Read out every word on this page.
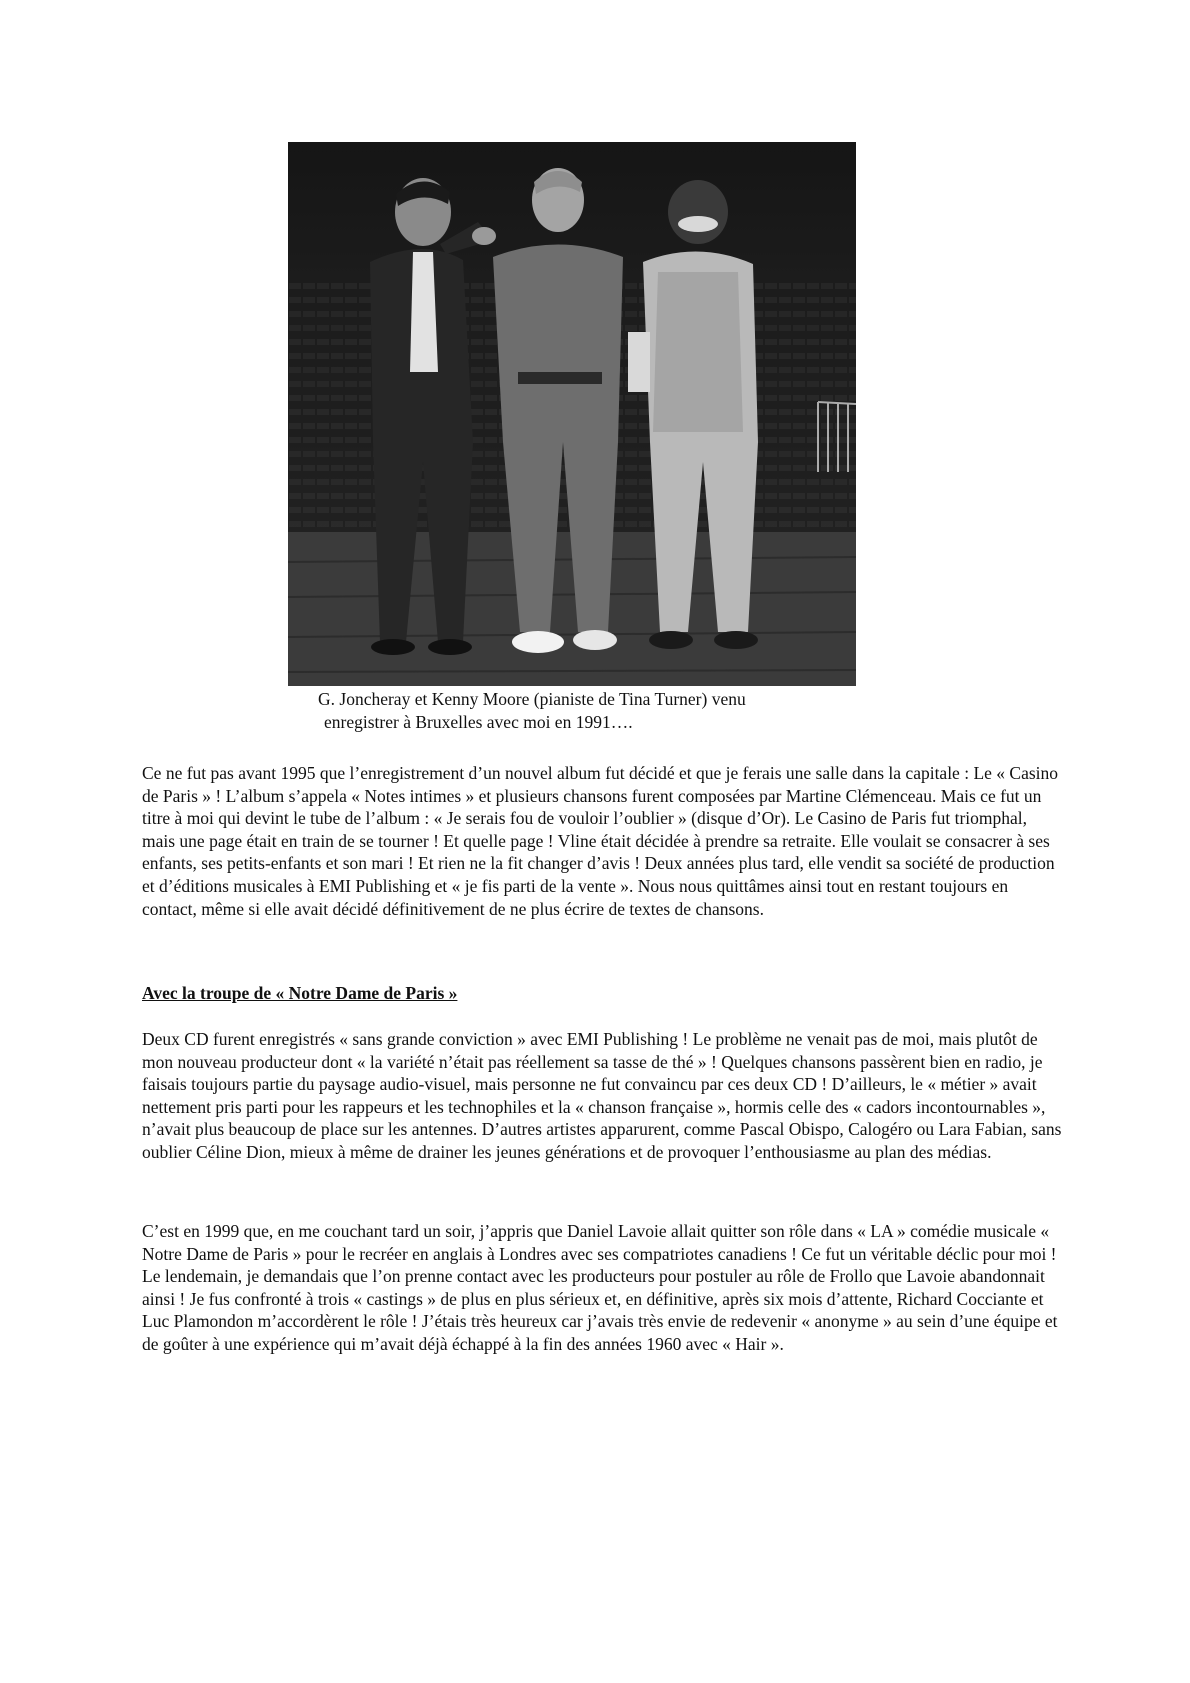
G. Joncheray et Kenny Moore (pianiste de Tina Turner) venu
enregistrer à Bruxelles avec moi en 1991….

Ce ne fut pas avant 1995 que l’enregistrement d’un nouvel album fut décidé et que je ferais une salle dans la capitale : Le « Casino de Paris » ! L’album s’appela « Notes intimes » et plusieurs chansons furent composées par Martine Clémenceau. Mais ce fut un titre à moi qui devint le tube de l’album : « Je serais fou de vouloir l’oublier » (disque d’Or). Le Casino de Paris fut triomphal, mais une page était en train de se tourner ! Et quelle page ! Vline était décidée à prendre sa retraite. Elle voulait se consacrer à ses enfants, ses petits-enfants et son mari ! Et rien ne la fit changer d’avis ! Deux années plus tard, elle vendit sa société de production et d’éditions musicales à EMI Publishing et « je fis parti de la vente ». Nous nous quittâmes ainsi tout en restant toujours en contact, même si elle avait décidé définitivement de ne plus écrire de textes de chansons.

Avec la troupe de « Notre Dame de Paris »

Deux CD furent enregistrés « sans grande conviction » avec EMI Publishing ! Le problème ne venait pas de moi, mais plutôt de mon nouveau producteur dont « la variété n’était pas réellement sa tasse de thé » ! Quelques chansons passèrent bien en radio, je faisais toujours partie du paysage audio-visuel, mais personne ne fut convaincu par ces deux CD ! D’ailleurs, le « métier » avait nettement pris parti pour les rappeurs et les technophiles et la « chanson française », hormis celle des « cadors incontournables », n’avait plus beaucoup de place sur les antennes. D’autres artistes apparurent, comme Pascal Obispo, Calogéro ou Lara Fabian, sans oublier Céline Dion, mieux à même de drainer les jeunes générations et de provoquer l’enthousiasme au plan des médias.

C’est en 1999 que, en me couchant tard un soir, j’appris que Daniel Lavoie allait quitter son rôle dans « LA » comédie musicale « Notre Dame de Paris » pour le recréer en anglais à Londres avec ses compatriotes canadiens ! Ce fut un véritable déclic pour moi ! Le lendemain, je demandais que l’on prenne contact avec les producteurs pour postuler au rôle de Frollo que Lavoie abandonnait ainsi ! Je fus confronté à trois « castings » de plus en plus sérieux et, en définitive, après six mois d’attente, Richard Cocciante et Luc Plamondon m’accordèrent le rôle ! J’étais très heureux car j’avais très envie de redevenir « anonyme » au sein d’une équipe et de goûter à une expérience qui m’avait déjà échappé à la fin des années 1960 avec « Hair ».
